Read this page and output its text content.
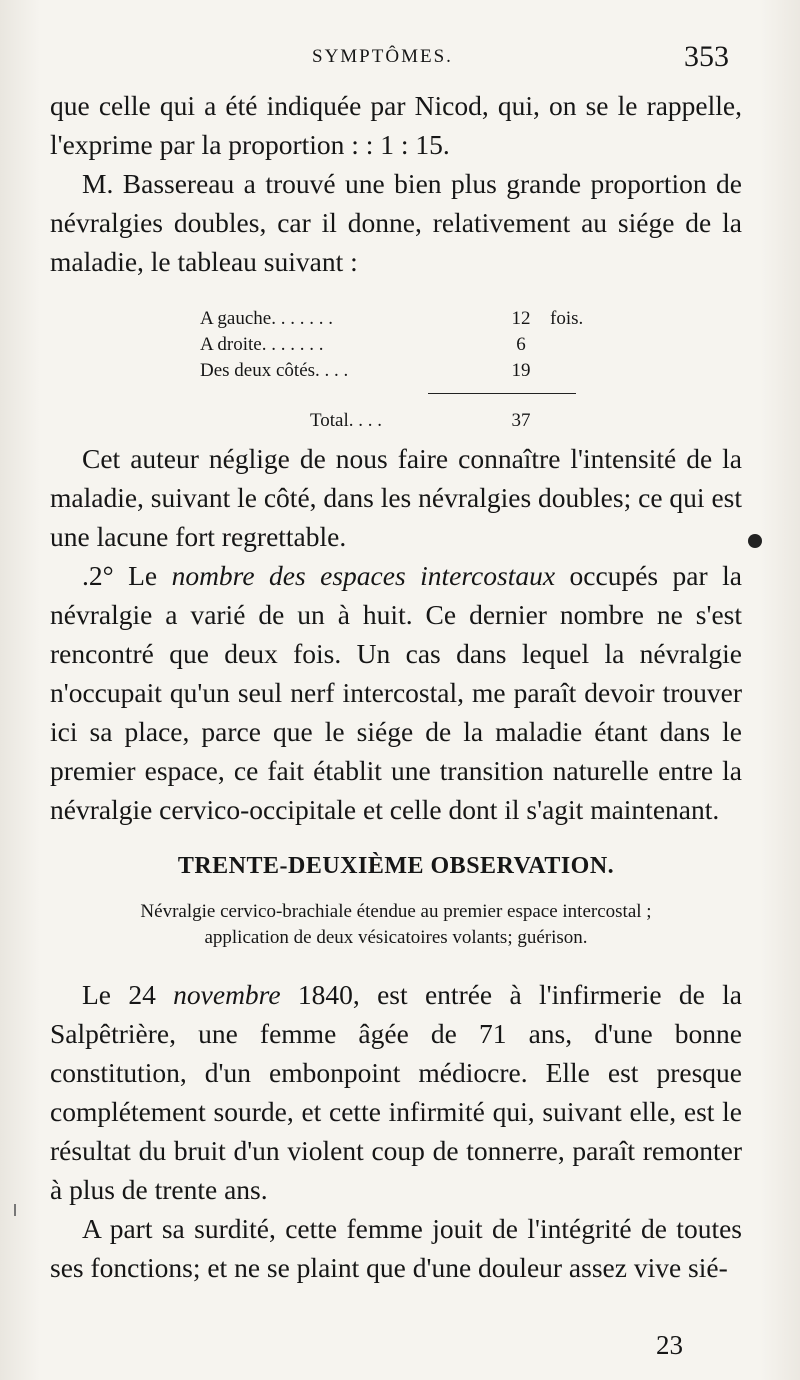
SYMPTÔMES.	353

que celle qui a été indiquée par Nicod, qui, on se le rappelle, l'exprime par la proportion : : 1 : 15.

M. Bassereau a trouvé une bien plus grande proportion de névralgies doubles, car il donne, relativement au siége de la maladie, le tableau suivant :

A gauche. . . . . . .	12	fois.
A droite. . . . . . .	6
Des deux côtés. . . .	19
Total. . . .	37

Cet auteur néglige de nous faire connaître l'intensité de la maladie, suivant le côté, dans les névralgies doubles; ce qui est une lacune fort regrettable.

.2° Le nombre des espaces intercostaux occupés par la névralgie a varié de un à huit. Ce dernier nombre ne s'est rencontré que deux fois. Un cas dans lequel la névralgie n'occupait qu'un seul nerf intercostal, me paraît devoir trouver ici sa place, parce que le siége de la maladie étant dans le premier espace, ce fait établit une transition naturelle entre la névralgie cervico-occipitale et celle dont il s'agit maintenant.

TRENTE-DEUXIÈME OBSERVATION.
Névralgie cervico-brachiale étendue au premier espace intercostal ;
application de deux vésicatoires volants; guérison.

Le 24 novembre 1840, est entrée à l'infirmerie de la Salpêtrière, une femme âgée de 71 ans, d'une bonne constitution, d'un embonpoint médiocre. Elle est presque complétement sourde, et cette infirmité qui, suivant elle, est le résultat du bruit d'un violent coup de tonnerre, paraît remonter à plus de trente ans.

A part sa surdité, cette femme jouit de l'intégrité de toutes ses fonctions; et ne se plaint que d'une douleur assez vive sié-

23
